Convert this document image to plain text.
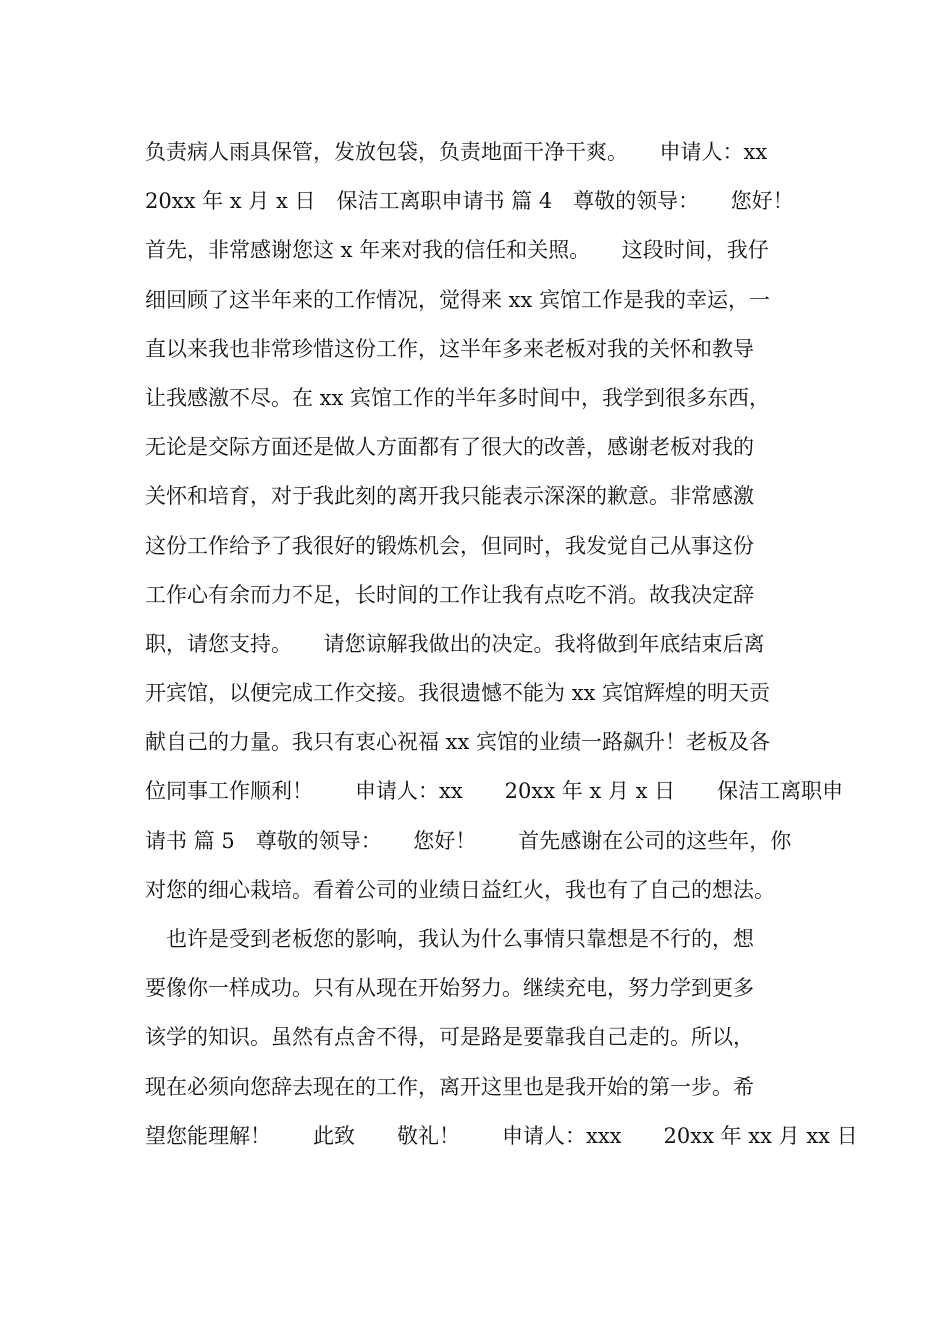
负责病人雨具保管，发放包袋，负责地面干净干爽。　　申请人：xx
20xx 年 x 月 x 日　保洁工离职申请书 篇 4　尊敬的领导：　　您好！
首先，非常感谢您这 x 年来对我的信任和关照。　　这段时间，我仔
细回顾了这半年来的工作情况，觉得来 xx 宾馆工作是我的幸运，一
直以来我也非常珍惜这份工作，这半年多来老板对我的关怀和教导
让我感激不尽。在 xx 宾馆工作的半年多时间中，我学到很多东西，
无论是交际方面还是做人方面都有了很大的改善，感谢老板对我的
关怀和培育，对于我此刻的离开我只能表示深深的歉意。非常感激
这份工作给予了我很好的锻炼机会，但同时，我发觉自己从事这份
工作心有余而力不足，长时间的工作让我有点吃不消。故我决定辞
职，请您支持。　　请您谅解我做出的决定。我将做到年底结束后离
开宾馆，以便完成工作交接。我很遗憾不能为 xx 宾馆辉煌的明天贡
献自己的力量。我只有衷心祝福 xx 宾馆的业绩一路飙升！老板及各
位同事工作顺利！　　申请人：xx　　20xx 年 x 月 x 日　　保洁工离职申
请书 篇 5　尊敬的领导：　　您好！　　首先感谢在公司的这些年，你
对您的细心栽培。看着公司的业绩日益红火，我也有了自己的想法。
　也许是受到老板您的影响，我认为什么事情只靠想是不行的，想
要像你一样成功。只有从现在开始努力。继续充电，努力学到更多
该学的知识。虽然有点舍不得，可是路是要靠我自己走的。所以，
现在必须向您辞去现在的工作，离开这里也是我开始的第一步。希
望您能理解！　　此致　　敬礼！　　申请人：xxx　　20xx 年 xx 月 xx 日
